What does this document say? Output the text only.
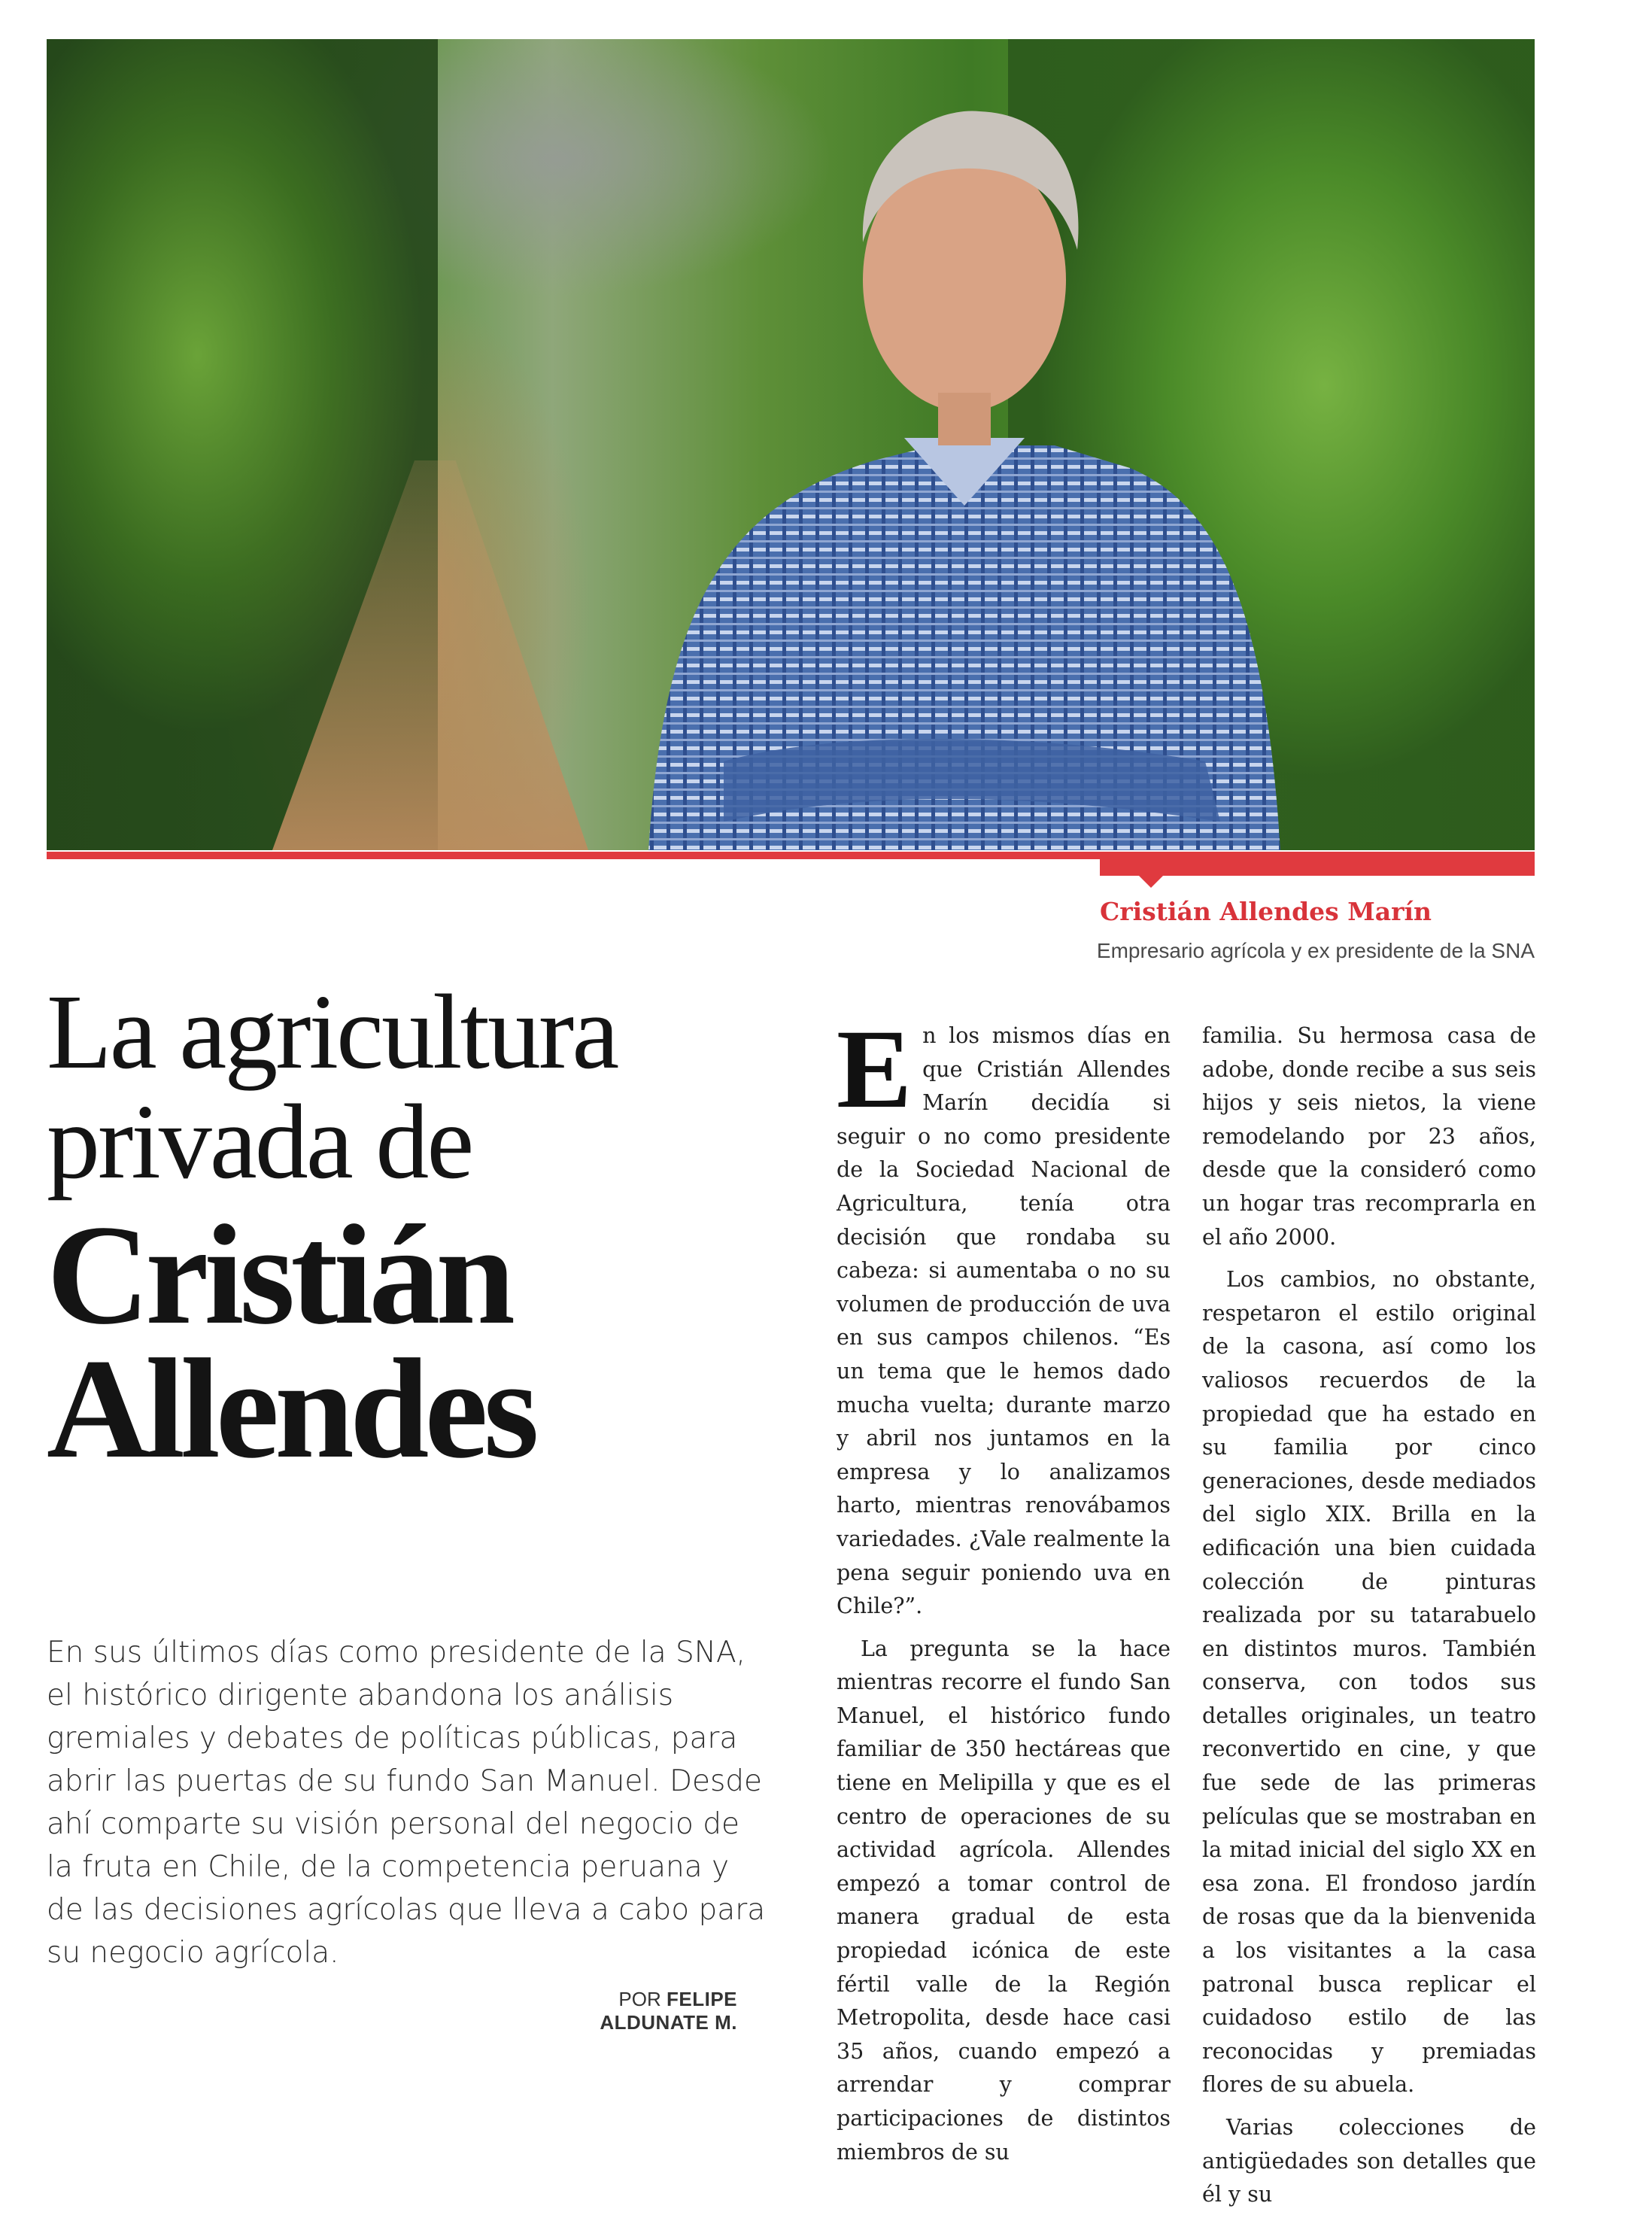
Cristián Allendes Marín
Empresario agrícola y ex presidente de la SNA
La agricultura
privada de
Cristián
Allendes
En sus últimos días como presidente de la SNA, el histórico dirigente abandona los análisis gremiales y debates de políticas públicas, para abrir las puertas de su fundo San Manuel. Desde ahí comparte su visión personal del negocio de la fruta en Chile, de la competencia peruana y de las decisiones agrícolas que lleva a cabo para su negocio agrícola.
POR FELIPE ALDUNATE M.

En los mismos días en que Cristián Allendes Marín decidía si seguir o no como presidente de la Sociedad Nacional de Agricultura, tenía otra decisión que rondaba su cabeza: si aumentaba o no su volumen de producción de uva en sus campos chilenos. “Es un tema que le hemos dado mucha vuelta; durante marzo y abril nos juntamos en la empresa y lo analizamos harto, mientras renovábamos variedades. ¿Vale realmente la pena seguir poniendo uva en Chile?”.

La pregunta se la hace mientras recorre el fundo San Manuel, el histórico fundo familiar de 350 hectáreas que tiene en Melipilla y que es el centro de operaciones de su actividad agrícola. Allendes empezó a tomar control de manera gradual de esta propiedad icónica de este fértil valle de la Región Metropolita, desde hace casi 35 años, cuando empezó a arrendar y comprar participaciones de distintos miembros de su

familia. Su hermosa casa de adobe, donde recibe a sus seis hijos y seis nietos, la viene remodelando por 23 años, desde que la consideró como un hogar tras recomprarla en el año 2000.

Los cambios, no obstante, respetaron el estilo original de la casona, así como los valiosos recuerdos de la propiedad que ha estado en su familia por cinco generaciones, desde mediados del siglo XIX. Brilla en la edificación una bien cuidada colección de pinturas realizada por su tatarabuelo en distintos muros. También conserva, con todos sus detalles originales, un teatro reconvertido en cine, y que fue sede de las primeras películas que se mostraban en la mitad inicial del siglo XX en esa zona. El frondoso jardín de rosas que da la bienvenida a los visitantes a la casa patronal busca replicar el cuidadoso estilo de las reconocidas y premiadas flores de su abuela.

Varias colecciones de antigüedades son detalles que él y su
